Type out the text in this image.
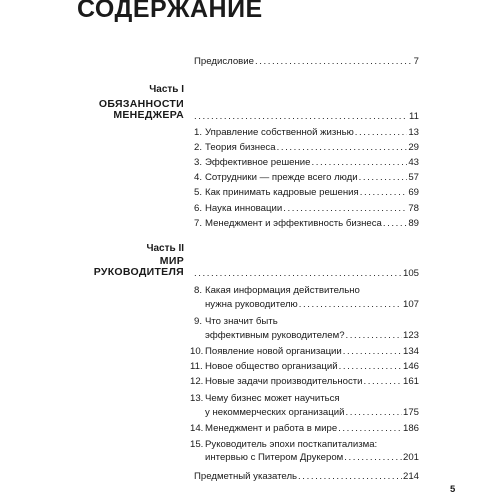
СОДЕРЖАНИЕ
Предисловие .....	7
Часть I
ОБЯЗАННОСТИ
МЕНЕДЖЕРА .....	11
1. Управление собственной жизнью .....	13
2. Теория бизнеса .....	29
3. Эффективное решение .....	43
4. Сотрудники — прежде всего люди .....	57
5. Как принимать кадровые решения .....	69
6. Наука инновации .....	78
7. Менеджмент и эффективность бизнеса .....	89
Часть II
МИР
РУКОВОДИТЕЛЯ .....	105
8. Какая информация действительно
нужна руководителю .....	107
9. Что значит быть
эффективным руководителем? .....	123
10. Появление новой организации .....	134
11. Новое общество организаций .....	146
12. Новые задачи производительности .....	161
13. Чему бизнес может научиться
у некоммерческих организаций .....	175
14. Менеджмент и работа в мире .....	186
15. Руководитель эпохи посткапитализма:
интервью с Питером Друкером .....	201
Предметный указатель .....	214
5
